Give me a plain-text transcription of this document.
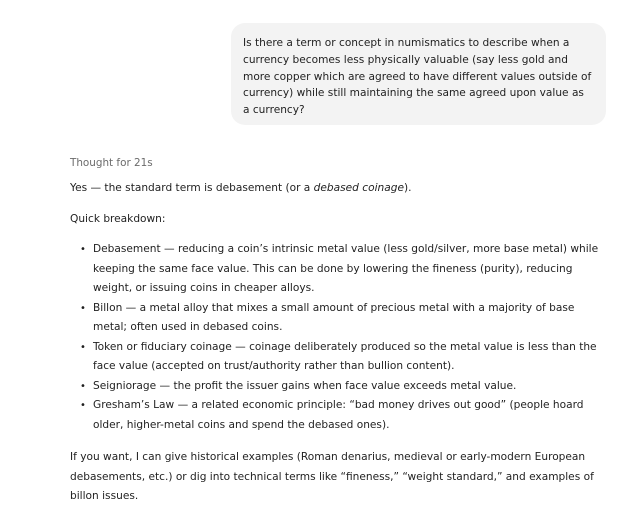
Is there a term or concept in numismatics to describe when a currency becomes less physically valuable (say less gold and more copper which are agreed to have different values outside of currency) while still maintaining the same agreed upon value as a currency?
Thought for 21s

Yes — the standard term is debasement (or a debased coinage).

Quick breakdown:

• Debasement — reducing a coin’s intrinsic metal value (less gold/silver, more base metal) while keeping the same face value. This can be done by lowering the fineness (purity), reducing weight, or issuing coins in cheaper alloys.
• Billon — a metal alloy that mixes a small amount of precious metal with a majority of base metal; often used in debased coins.
• Token or fiduciary coinage — coinage deliberately produced so the metal value is less than the face value (accepted on trust/authority rather than bullion content).
• Seigniorage — the profit the issuer gains when face value exceeds metal value.
• Gresham’s Law — a related economic principle: “bad money drives out good” (people hoard older, higher-metal coins and spend the debased ones).

If you want, I can give historical examples (Roman denarius, medieval or early-modern European debasements, etc.) or dig into technical terms like “fineness,” “weight standard,” and examples of billon issues.
